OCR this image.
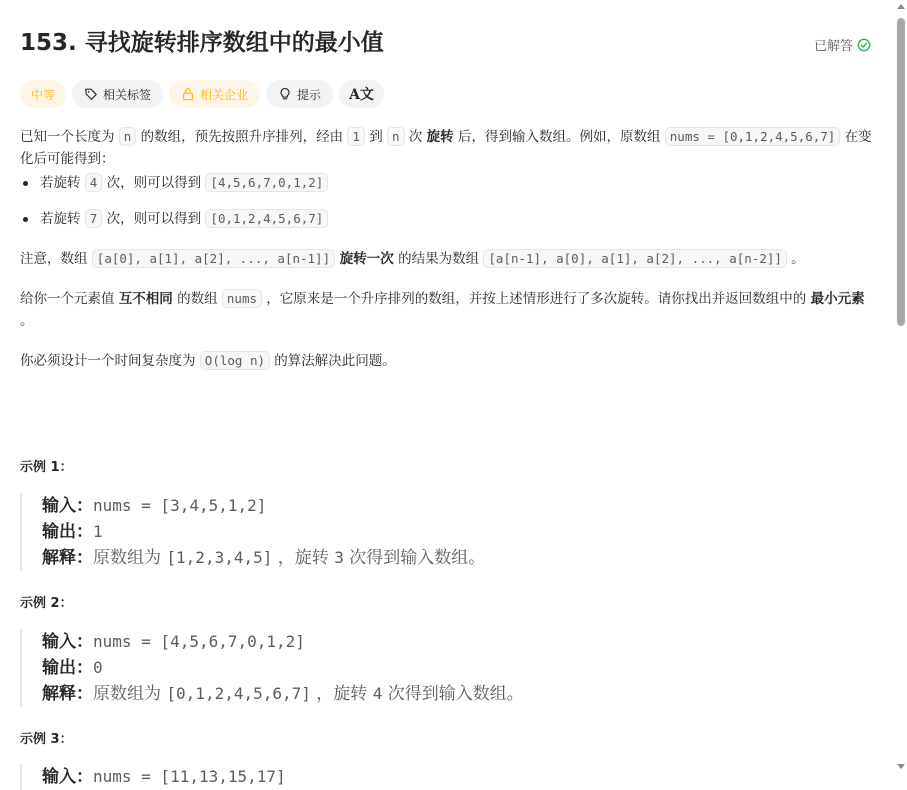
153. 寻找旋转排序数组中的最小值	已解答
中等	相关标签	相关企业	提示 A文

已知一个长度为 n 的数组，预先按照升序排列，经由 1 到 n 次 旋转 后，得到输入数组。例如，原数组 nums = [0,1,2,4,5,6,7] 在变化后可能得到：

若旋转 4 次，则可以得到 [4,5,6,7,0,1,2]
若旋转 7 次，则可以得到 [0,1,2,4,5,6,7]

注意，数组 [a[0], a[1], a[2], ..., a[n-1]] 旋转一次 的结果为数组 [a[n-1], a[0], a[1], a[2], ..., a[n-2]] 。

给你一个元素值 互不相同 的数组 nums ，它原来是一个升序排列的数组，并按上述情形进行了多次旋转。请你找出并返回数组中的 最小元素 。

你必须设计一个时间复杂度为 O(log n) 的算法解决此问题。

示例 1：
输入：nums = [3,4,5,1,2]
输出：1
解释：原数组为 [1,2,3,4,5] ，旋转 3 次得到输入数组。
示例 2：
输入：nums = [4,5,6,7,0,1,2]
输出：0
解释：原数组为 [0,1,2,4,5,6,7] ，旋转 4 次得到输入数组。
示例 3：
输入：nums = [11,13,15,17]
